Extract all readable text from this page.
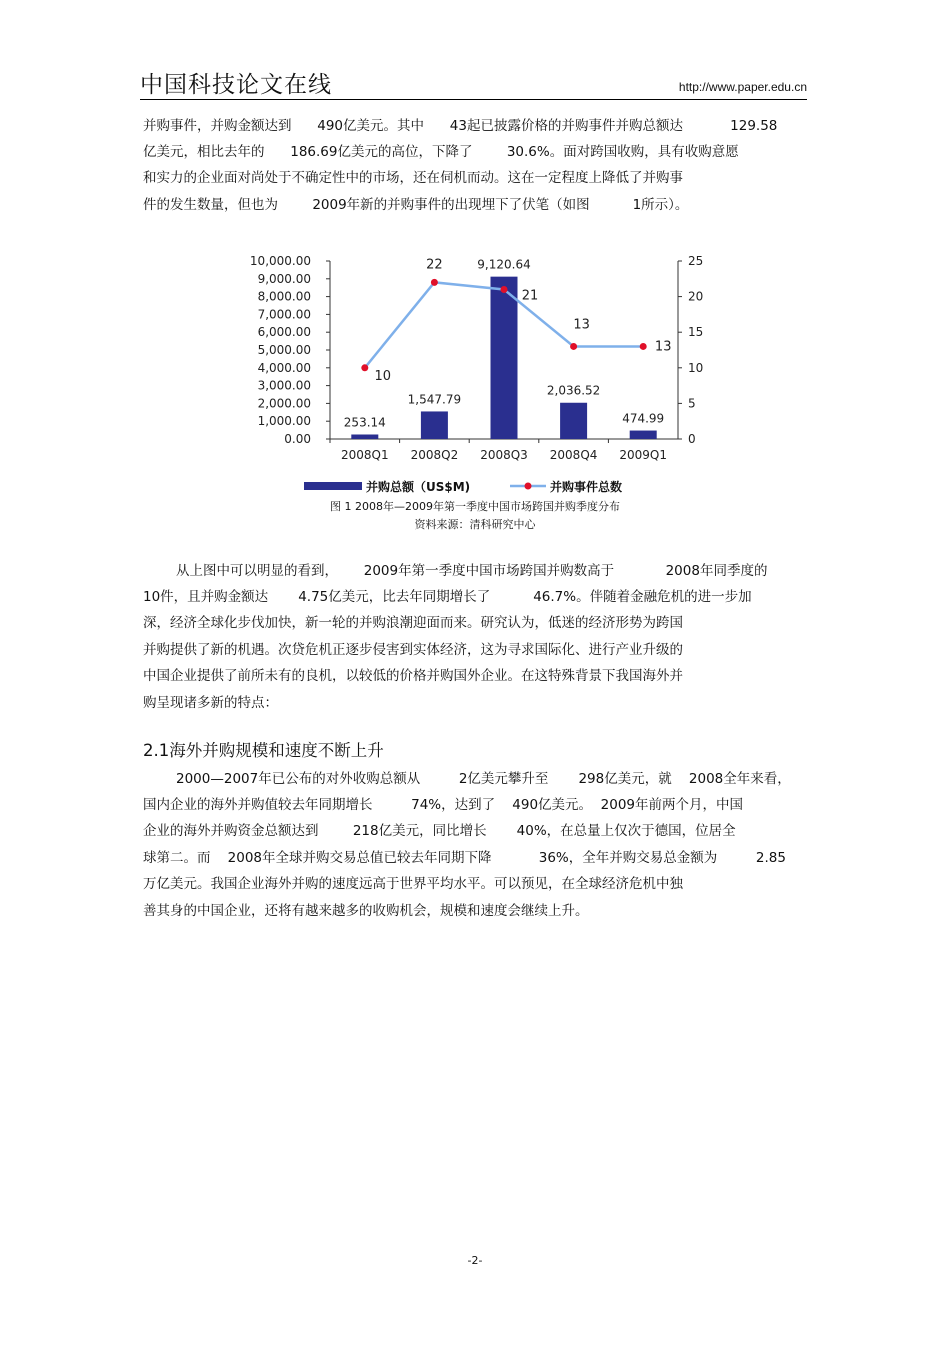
中国科技论文在线	http://www.paper.edu.cn
并购事件，并购金额达到      490亿美元。其中      43起已披露价格的并购事件并购总额达           129.58
亿美元，相比去年的      186.69亿美元的高位，下降了        30.6%。面对跨国收购，具有收购意愿
和实力的企业面对尚处于不确定性中的市场，还在伺机而动。这在一定程度上降低了并购事
件的发生数量，但也为        2009年新的并购事件的出现埋下了伏笔（如图          1所示）。
0.00
1,000.00
2,000.00
3,000.00
4,000.00
5,000.00
6,000.00
7,000.00
8,000.00
9,000.00
10,000.00
0
5
10
15
20
25
2008Q1 2008Q2 2008Q3 2008Q4 2009Q1
253.14
1,547.79
9,120.64
2,036.52
474.99
10
22
21
13
13
并购总额（US$M)	并购事件总数
图 1 2008年—2009年第一季度中国市场跨国并购季度分布
资料来源：清科研究中心
从上图中可以明显的看到，      2009年第一季度中国市场跨国并购数高于            2008年同季度的
10件，且并购金额达       4.75亿美元，比去年同期增长了          46.7%。伴随着金融危机的进一步加
深，经济全球化步伐加快，新一轮的并购浪潮迎面而来。研究认为，低迷的经济形势为跨国
并购提供了新的机遇。次贷危机正逐步侵害到实体经济，这为寻求国际化、进行产业升级的
中国企业提供了前所未有的良机，以较低的价格并购国外企业。在这特殊背景下我国海外并
购呈现诸多新的特点：
2.1海外并购规模和速度不断上升
2000—2007年已公布的对外收购总额从         2亿美元攀升至       298亿美元，就    2008全年来看，
国内企业的海外并购值较去年同期增长         74%，达到了    490亿美元。  2009年前两个月，中国
企业的海外并购资金总额达到        218亿美元，同比增长       40%，在总量上仅次于德国，位居全
球第二。而    2008年全球并购交易总值已较去年同期下降           36%，全年并购交易总金额为         2.85
万亿美元。我国企业海外并购的速度远高于世界平均水平。可以预见，在全球经济危机中独
善其身的中国企业，还将有越来越多的收购机会，规模和速度会继续上升。
-2-
